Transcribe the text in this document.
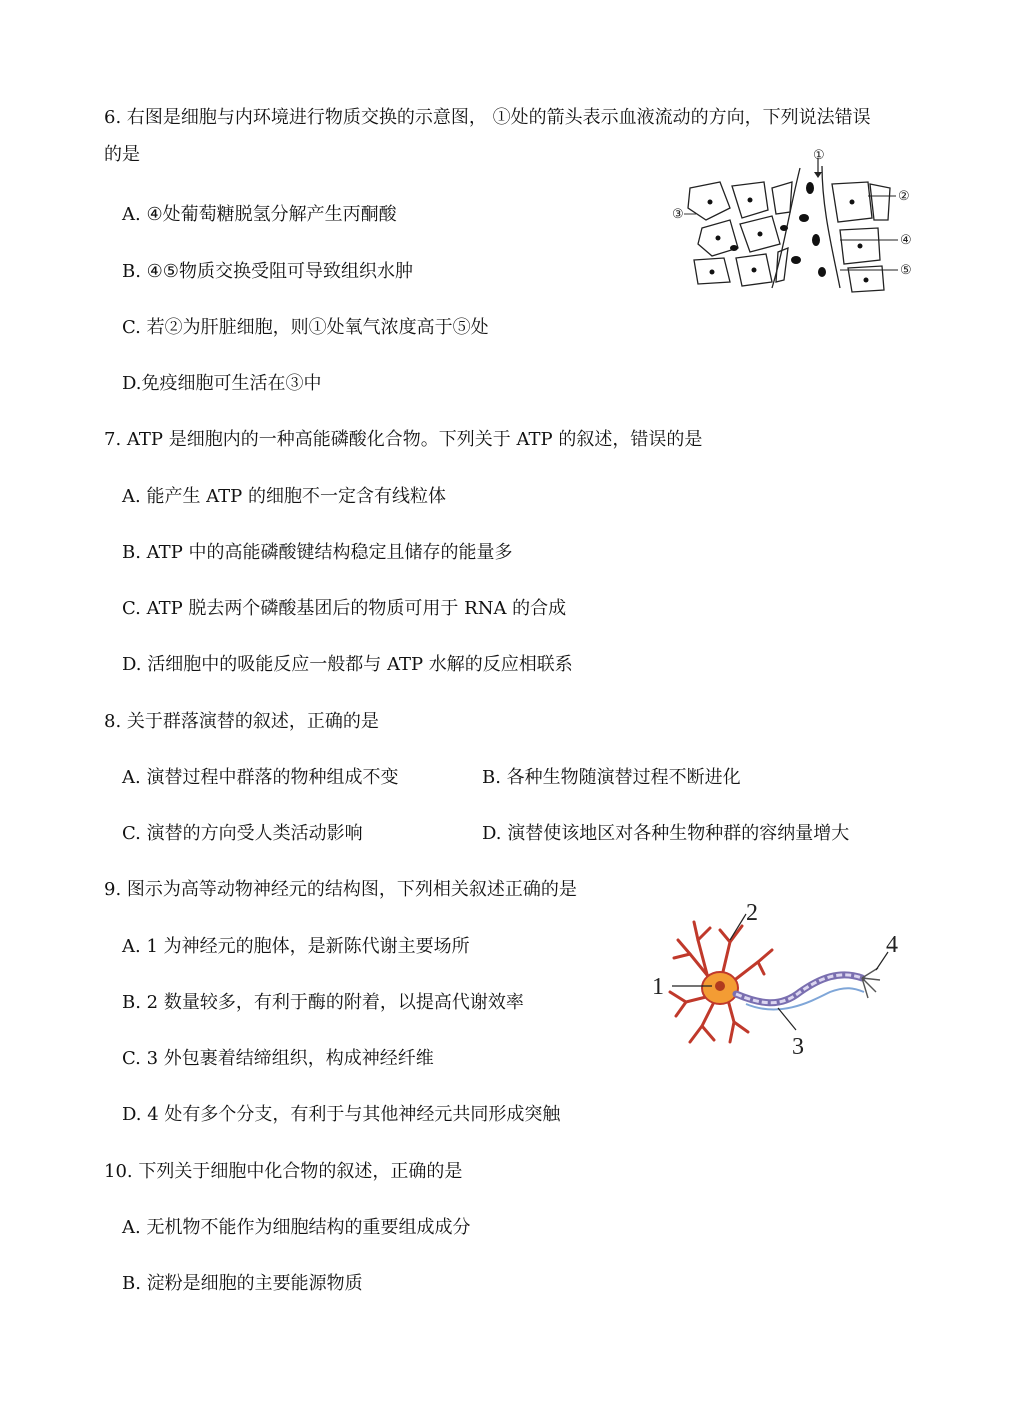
6. 右图是细胞与内环境进行物质交换的示意图， ①处的箭头表示血液流动的方向，下列说法错误
的是
A. ④处葡萄糖脱氢分解产生丙酮酸
B. ④⑤物质交换受阻可导致组织水肿
C. 若②为肝脏细胞，则①处氧气浓度高于⑤处
D.免疫细胞可生活在③中
①
②
③
④
⑤
7. ATP 是细胞内的一种高能磷酸化合物。下列关于 ATP 的叙述，错误的是
A. 能产生 ATP 的细胞不一定含有线粒体
B. ATP 中的高能磷酸键结构稳定且储存的能量多
C. ATP 脱去两个磷酸基团后的物质可用于 RNA 的合成
D. 活细胞中的吸能反应一般都与 ATP 水解的反应相联系
8. 关于群落演替的叙述，正确的是
A. 演替过程中群落的物种组成不变	B. 各种生物随演替过程不断进化
C. 演替的方向受人类活动影响	D. 演替使该地区对各种生物种群的容纳量增大
9. 图示为高等动物神经元的结构图，下列相关叙述正确的是
A. 1 为神经元的胞体，是新陈代谢主要场所
B. 2 数量较多，有利于酶的附着，以提高代谢效率
C. 3 外包裹着结缔组织，构成神经纤维
D. 4 处有多个分支，有利于与其他神经元共同形成突触
1
2
3
4
10. 下列关于细胞中化合物的叙述，正确的是
A. 无机物不能作为细胞结构的重要组成成分
B. 淀粉是细胞的主要能源物质
